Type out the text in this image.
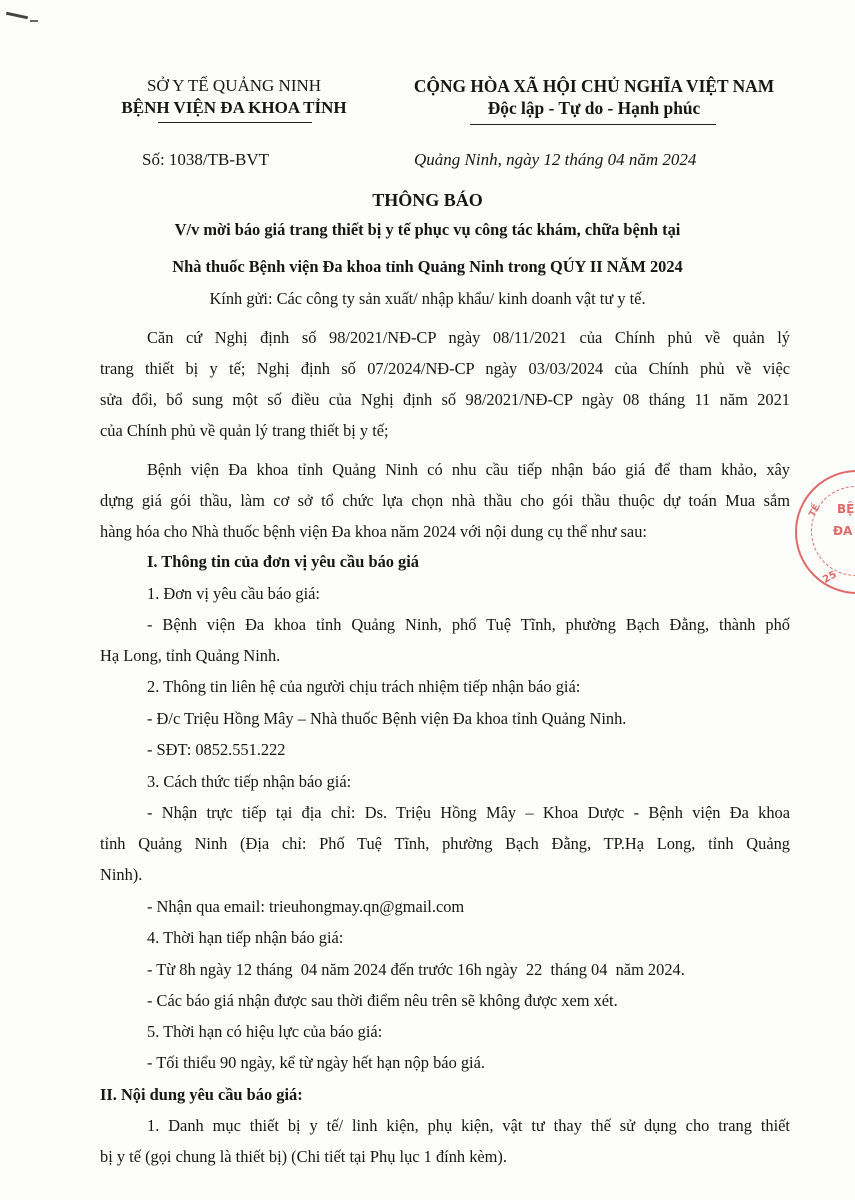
SỞ Y TẾ QUẢNG NINH
BỆNH VIỆN ĐA KHOA TỈNH
CỘNG HÒA XÃ HỘI CHỦ NGHĨA VIỆT NAM
Độc lập - Tự do - Hạnh phúc
Số: 1038/TB-BVT	Quảng Ninh, ngày 12 tháng 04 năm 2024
THÔNG BÁO
V/v mời báo giá trang thiết bị y tế phục vụ công tác khám, chữa bệnh tại
Nhà thuốc Bệnh viện Đa khoa tỉnh Quảng Ninh trong QÚY II NĂM 2024
Kính gửi: Các công ty sản xuất/ nhập khẩu/ kinh doanh vật tư y tế.
Căn cứ Nghị định số 98/2021/NĐ-CP ngày 08/11/2021 của Chính phủ về quản lý
trang thiết bị y tế; Nghị định số 07/2024/NĐ-CP ngày 03/03/2024 của Chính phủ về việc
sửa đổi, bổ sung một số điều của Nghị định số 98/2021/NĐ-CP ngày 08 tháng 11 năm 2021
của Chính phủ về quản lý trang thiết bị y tế;
Bệnh viện Đa khoa tỉnh Quảng Ninh có nhu cầu tiếp nhận báo giá để tham khảo, xây
dựng giá gói thầu, làm cơ sở tổ chức lựa chọn nhà thầu cho gói thầu thuộc dự toán Mua sắm
hàng hóa cho Nhà thuốc bệnh viện Đa khoa năm 2024 với nội dung cụ thể như sau:
I. Thông tin của đơn vị yêu cầu báo giá
1. Đơn vị yêu cầu báo giá:
- Bệnh viện Đa khoa tỉnh Quảng Ninh, phố Tuệ Tĩnh, phường Bạch Đằng, thành phố
Hạ Long, tỉnh Quảng Ninh.
2. Thông tin liên hệ của người chịu trách nhiệm tiếp nhận báo giá:
- Đ/c Triệu Hồng Mây – Nhà thuốc Bệnh viện Đa khoa tỉnh Quảng Ninh.
- SĐT: 0852.551.222
3. Cách thức tiếp nhận báo giá:
- Nhận trực tiếp tại địa chỉ: Ds. Triệu Hồng Mây – Khoa Dược - Bệnh viện Đa khoa
tỉnh Quảng Ninh (Địa chỉ: Phố Tuệ Tĩnh, phường Bạch Đằng, TP.Hạ Long, tỉnh Quảng
Ninh).
- Nhận qua email: trieuhongmay.qn@gmail.com
4. Thời hạn tiếp nhận báo giá:
- Từ 8h ngày 12 tháng  04 năm 2024 đến trước 16h ngày  22  tháng 04  năm 2024.
- Các báo giá nhận được sau thời điểm nêu trên sẽ không được xem xét.
5. Thời hạn có hiệu lực của báo giá:
- Tối thiểu 90 ngày, kể từ ngày hết hạn nộp báo giá.
II. Nội dung yêu cầu báo giá:
1. Danh mục thiết bị y tế/ linh kiện, phụ kiện, vật tư thay thế sử dụng cho trang thiết
bị y tế (gọi chung là thiết bị) (Chi tiết tại Phụ lục 1 đính kèm).
BỆ
ĐA
TẾ
25
